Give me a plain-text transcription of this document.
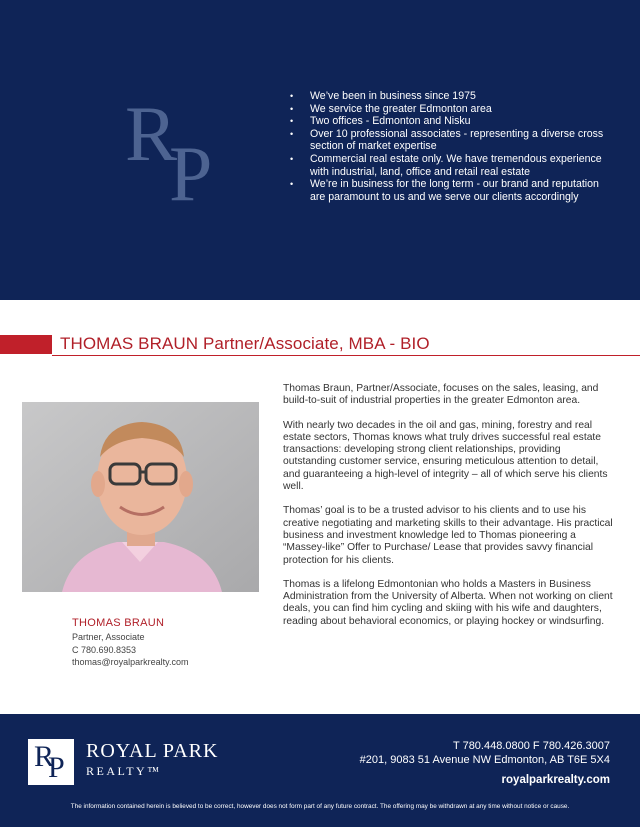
R
P
• We’ve been in business since 1975
• We service the greater Edmonton area
• Two offices - Edmonton and Nisku
• Over 10 professional associates - representing a diverse cross section of market expertise
• Commercial real estate only. We have tremendous experience with industrial, land, office and retail real estate
• We’re in business for the long term - our brand and reputation are paramount to us and we serve our clients accordingly
THOMAS BRAUN Partner/Associate, MBA - BIO
THOMAS BRAUN
Partner, Associate
C 780.690.8353
thomas@royalparkrealty.com

Thomas Braun, Partner/Associate, focuses on the sales, leasing, and build-to-suit of industrial properties in the greater Edmonton area.

With nearly two decades in the oil and gas, mining, forestry and real estate sectors, Thomas knows what truly drives successful real estate transactions: developing strong client relationships, providing outstanding customer service, ensuring meticulous attention to detail, and guaranteeing a high-level of integrity – all of which serve his clients well.

Thomas’ goal is to be a trusted advisor to his clients and to use his creative negotiating and marketing skills to their advantage. His practical business and investment knowledge led to Thomas pioneering a “Massey-like” Offer to Purchase/ Lease that provides savvy financial protection for his clients.

Thomas is a lifelong Edmontonian who holds a Masters in Business Administration from the University of Alberta. When not working on client deals, you can find him cycling and skiing with his wife and daughters, reading about behavioral economics, or playing hockey or windsurfing.

R
P ROYAL PARK
REALTY™
T 780.448.0800 F 780.426.3007
#201, 9083 51 Avenue NW Edmonton, AB T6E 5X4
royalparkrealty.com
The information contained herein is believed to be correct, however does not form part of any future contract. The offering may be withdrawn at any time without notice or cause.
